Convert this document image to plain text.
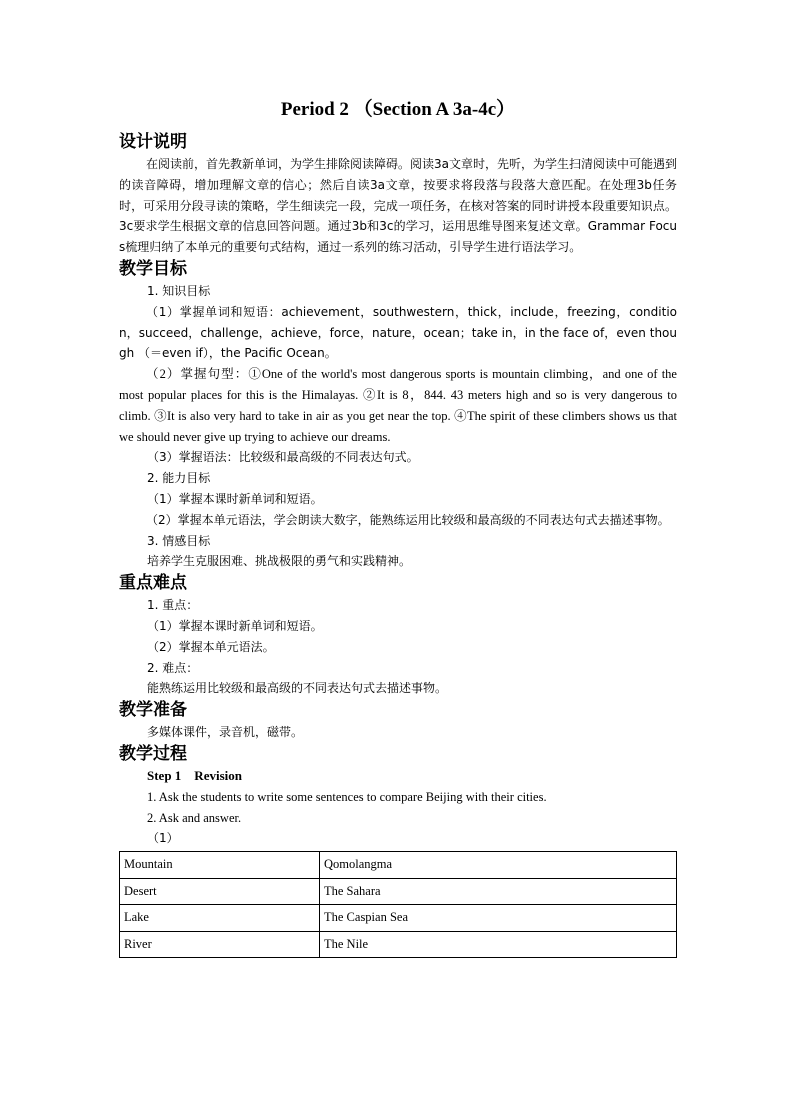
Period 2 （Section A 3a-4c）
设计说明

在阅读前，首先教新单词，为学生排除阅读障碍。阅读3a文章时，先听，为学生扫清阅读中可能遇到的读音障碍，增加理解文章的信心；然后自读3a文章，按要求将段落与段落大意匹配。在处理3b任务时，可采用分段寻读的策略，学生细读完一段，完成一项任务，在核对答案的同时讲授本段重要知识点。3c要求学生根据文章的信息回答问题。通过3b和3c的学习，运用思维导图来复述文章。Grammar Focus梳理归纳了本单元的重要句式结构，通过一系列的练习活动，引导学生进行语法学习。

教学目标
1. 知识目标

（1）掌握单词和短语：achievement，southwestern，thick，include，freezing，condition，succeed，challenge，achieve，force，nature，ocean；take in，in the face of，even though （＝even if），the Pacific Ocean。

（2）掌握句型：①One of the world's most dangerous sports is mountain climbing，and one of the most popular places for this is the Himalayas. ②It is 8，844. 43 meters high and so is very dangerous to climb. ③It is also very hard to take in air as you get near the top. ④The spirit of these climbers shows us that we should never give up trying to achieve our dreams.

（3）掌握语法：比较级和最高级的不同表达句式。
2. 能力目标
（1）掌握本课时新单词和短语。

（2）掌握本单元语法，学会朗读大数字，能熟练运用比较级和最高级的不同表达句式去描述事物。

3. 情感目标
培养学生克服困难、挑战极限的勇气和实践精神。
重点难点
1. 重点：
（1）掌握本课时新单词和短语。
（2）掌握本单元语法。
2. 难点：
能熟练运用比较级和最高级的不同表达句式去描述事物。
教学准备
多媒体课件，录音机，磁带。
教学过程
Step 1　Revision
1. Ask the students to write some sentences to compare Beijing with their cities.
2. Ask and answer.
（1）
Mountain	Qomolangma
Desert	The Sahara
Lake	The Caspian Sea
River	The Nile
